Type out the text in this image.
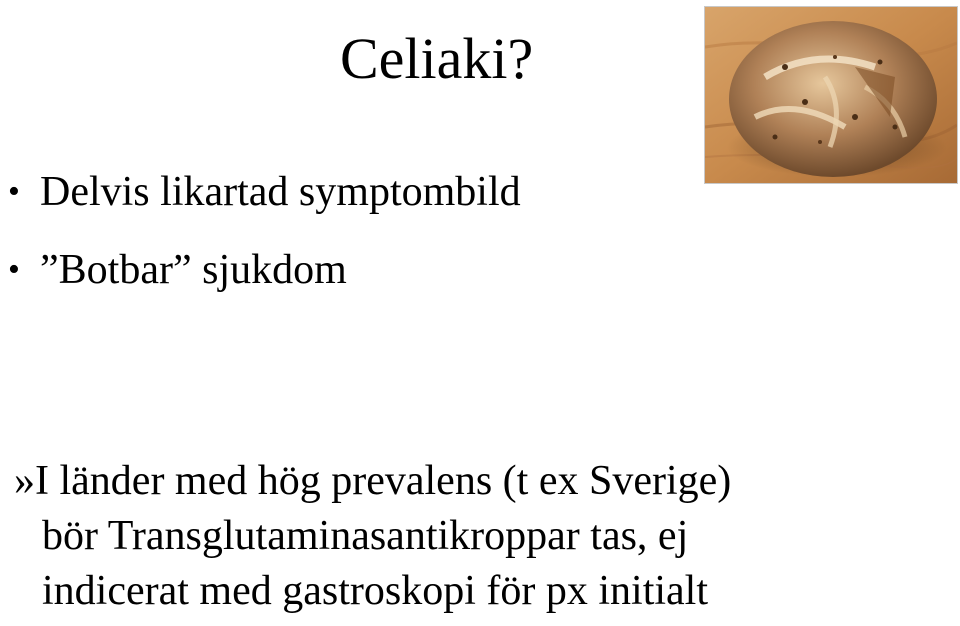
Celiaki?
• Delvis likartad symptombild
• ”Botbar” sjukdom
»I länder med hög prevalens (t ex Sverige)
bör Transglutaminasantikroppar tas, ej
indicerat med gastroskopi för px initialt
